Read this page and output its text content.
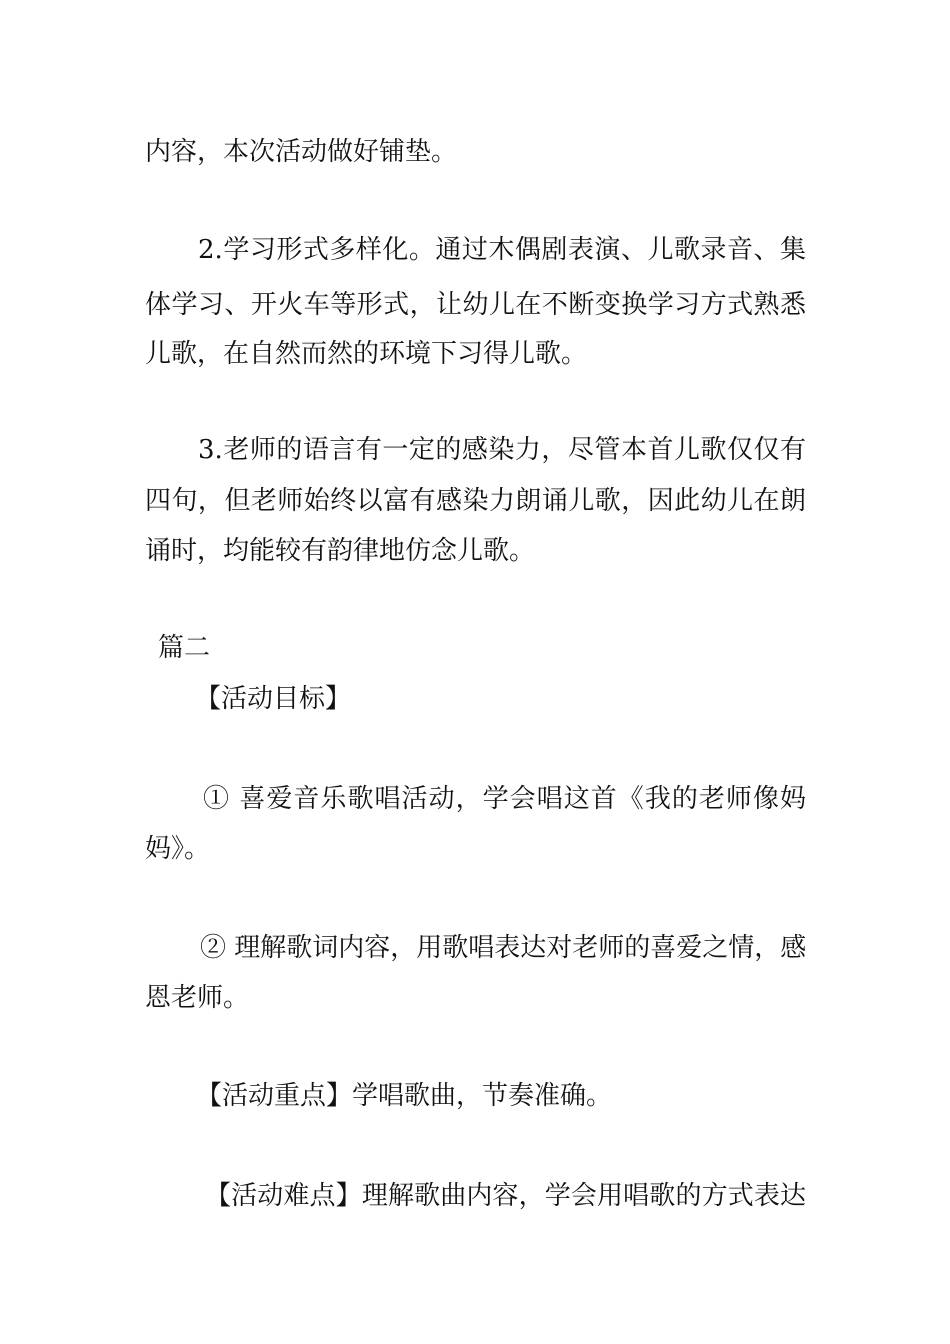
内容，本次活动做好铺垫。
2.学习形式多样化。通过木偶剧表演、儿歌录音、集
体学习、开火车等形式，让幼儿在不断变换学习方式熟悉
儿歌，在自然而然的环境下习得儿歌。
3.老师的语言有一定的感染力，尽管本首儿歌仅仅有
四句，但老师始终以富有感染力朗诵儿歌，因此幼儿在朗
诵时，均能较有韵律地仿念儿歌。
篇二
【活动目标】
① 喜爱音乐歌唱活动，学会唱这首《我的老师像妈
妈》。
② 理解歌词内容，用歌唱表达对老师的喜爱之情，感
恩老师。
【活动重点】学唱歌曲，节奏准确。
【活动难点】理解歌曲内容，学会用唱歌的方式表达
